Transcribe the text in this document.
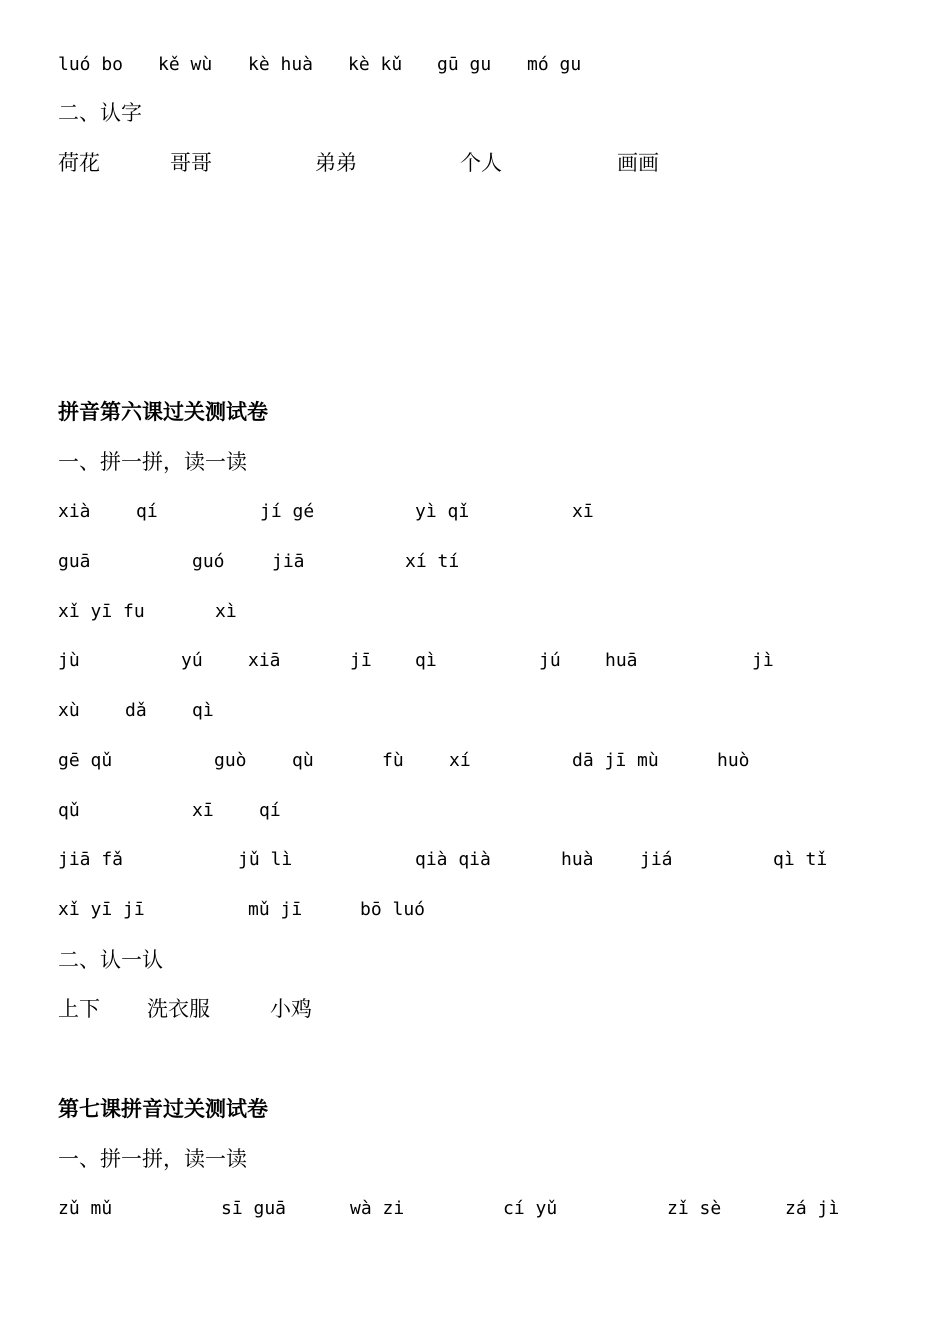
luó bo kě wù kè huà kè kǔ gū gu mó gu
二、认字
荷花	哥哥	弟弟	个人	画画
拼音第六课过关测试卷
一、拼一拼，读一读
xià	qí	jí gé	yì qǐ	xī
guā	guó	jiā	xí tí
xǐ yī fu	xì
jù	yú	xiā	jī qì	jú huā	jì
xù	dǎ	qì
gē qǔ	guò	qù	fù	xí	dā jī mù	huò
qǔ	xī	qí
jiā fǎ	jǔ lì	qià qià	huà	jiá	qì tǐ
xǐ yī jī	mǔ jī	bō luó
二、认一认
上下 洗衣服	小鸡
第七课拼音过关测试卷
一、拼一拼，读一读
zǔ mǔ	sī guā	wà zi	cí yǔ	zǐ sè	zá jì
